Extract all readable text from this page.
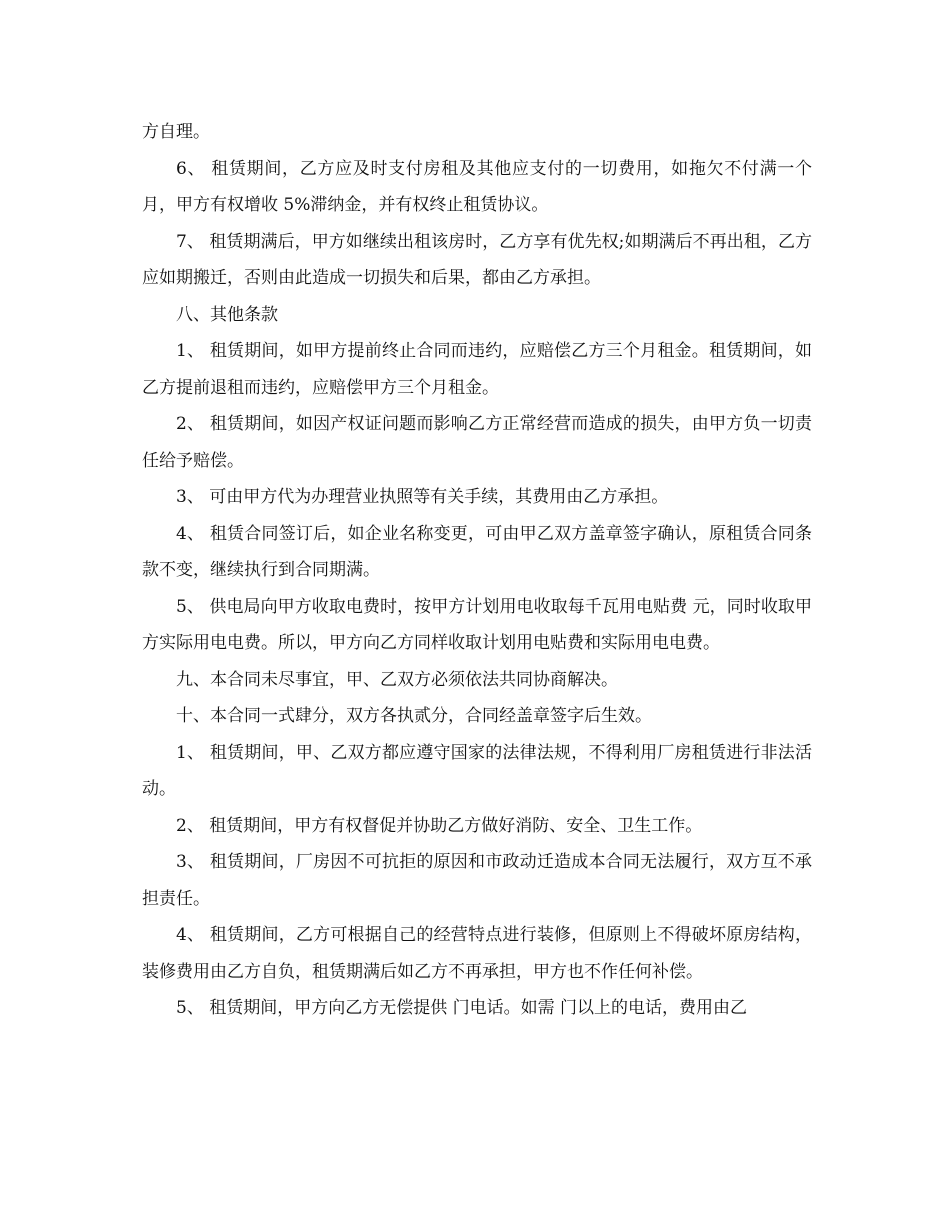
方自理。

6、 租赁期间，乙方应及时支付房租及其他应支付的一切费用，如拖欠不付满一个月，甲方有权增收 5%滞纳金，并有权终止租赁协议。

7、 租赁期满后，甲方如继续出租该房时，乙方享有优先权;如期满后不再出租，乙方应如期搬迁，否则由此造成一切损失和后果，都由乙方承担。

八、其他条款

1、 租赁期间，如甲方提前终止合同而违约，应赔偿乙方三个月租金。租赁期间，如乙方提前退租而违约，应赔偿甲方三个月租金。

2、 租赁期间，如因产权证问题而影响乙方正常经营而造成的损失，由甲方负一切责任给予赔偿。

3、 可由甲方代为办理营业执照等有关手续，其费用由乙方承担。

4、 租赁合同签订后，如企业名称变更，可由甲乙双方盖章签字确认，原租赁合同条款不变，继续执行到合同期满。

5、 供电局向甲方收取电费时，按甲方计划用电收取每千瓦用电贴费 元，同时收取甲方实际用电电费。所以，甲方向乙方同样收取计划用电贴费和实际用电电费。

九、本合同未尽事宜，甲、乙双方必须依法共同协商解决。

十、本合同一式肆分，双方各执贰分，合同经盖章签字后生效。

1、 租赁期间，甲、乙双方都应遵守国家的法律法规，不得利用厂房租赁进行非法活动。

2、 租赁期间，甲方有权督促并协助乙方做好消防、安全、卫生工作。

3、 租赁期间，厂房因不可抗拒的原因和市政动迁造成本合同无法履行，双方互不承担责任。

4、 租赁期间，乙方可根据自己的经营特点进行装修，但原则上不得破坏原房结构，装修费用由乙方自负，租赁期满后如乙方不再承担，甲方也不作任何补偿。

5、 租赁期间，甲方向乙方无偿提供 门电话。如需 门以上的电话，费用由乙
